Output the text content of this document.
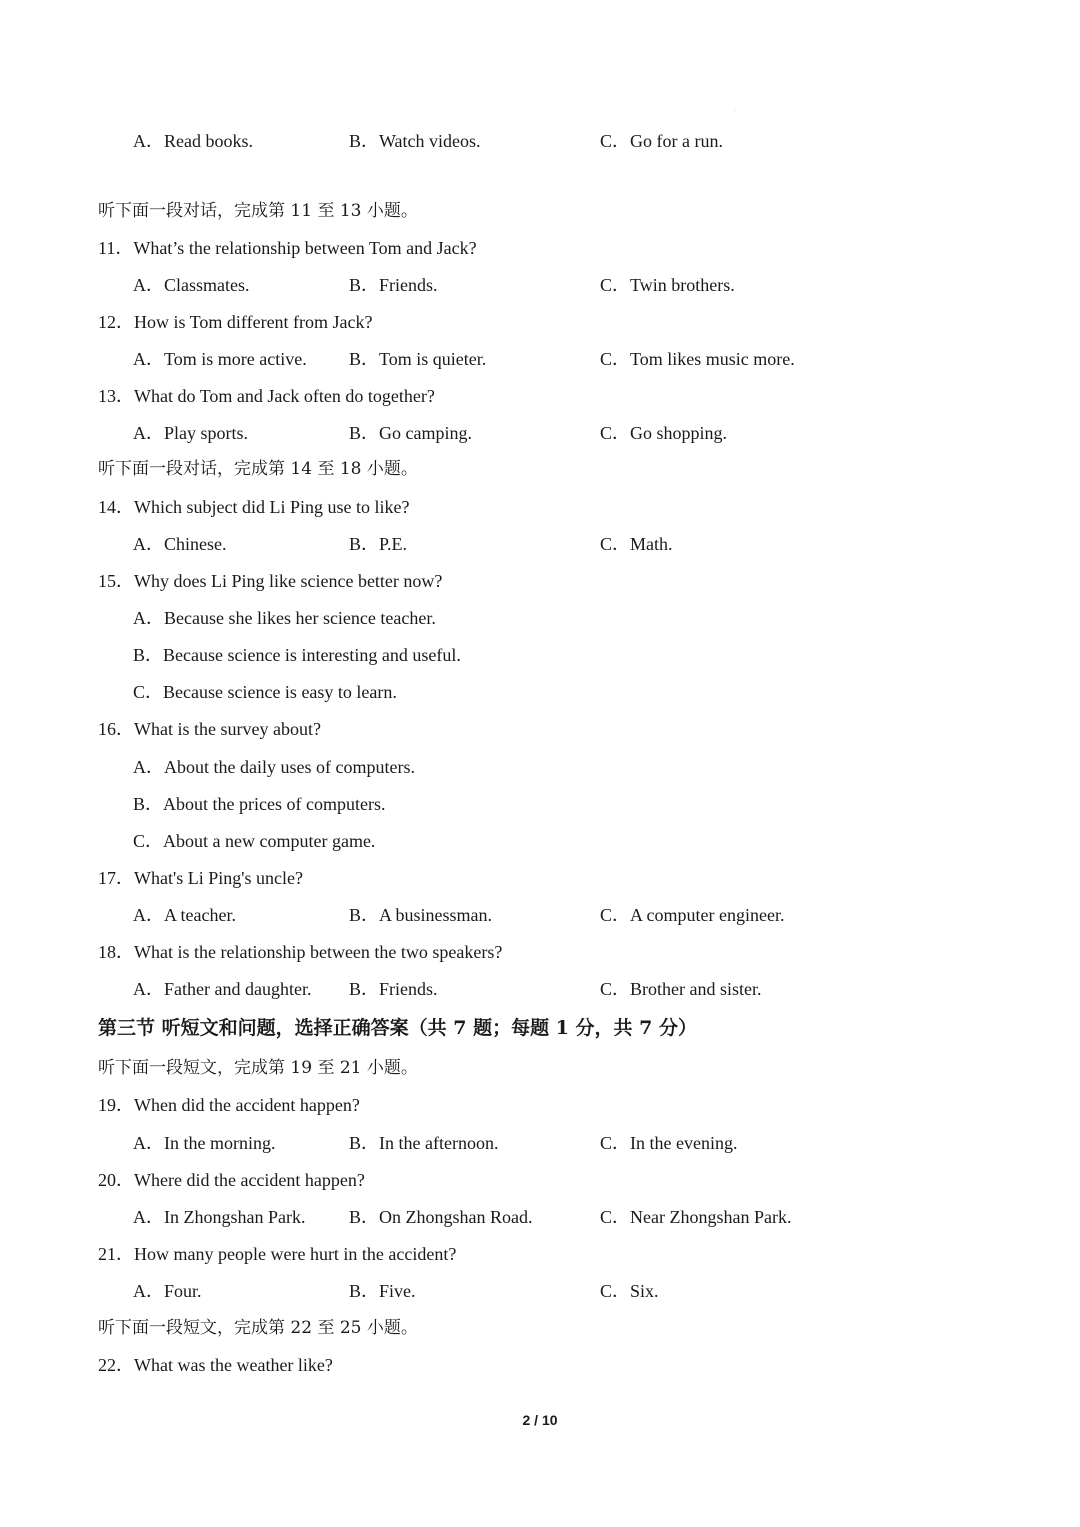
·
A．Read books.	B．Watch videos.	C．Go for a run.
听下面一段对话，完成第 11 至 13 小题。
11．What’s the relationship between Tom and Jack?
A．Classmates.	B．Friends.	C．Twin brothers.
12．How is Tom different from Jack?
A．Tom is more active. B．Tom is quieter.	C．Tom likes music more.
13．What do Tom and Jack often do together?
A．Play sports.	B．Go camping.	C．Go shopping.
听下面一段对话，完成第 14 至 18 小题。
14．Which subject did Li Ping use to like?
A．Chinese.	B．P.E.	C．Math.
15．Why does Li Ping like science better now?
A．Because she likes her science teacher.
B．Because science is interesting and useful.
C．Because science is easy to learn.
16．What is the survey about?
A．About the daily uses of computers.
B．About the prices of computers.
C．About a new computer game.
17．What's Li Ping's uncle?
A．A teacher.	B．A businessman.	C．A computer engineer.
18．What is the relationship between the two speakers?
A．Father and daughter. B．Friends.	C．Brother and sister.
第三节 听短文和问题，选择正确答案（共 7 题；每题 1 分，共 7 分）
听下面一段短文，完成第 19 至 21 小题。
19．When did the accident happen?
A．In the morning.	B．In the afternoon.	C．In the evening.
20．Where did the accident happen?
A．In Zhongshan Park. B．On Zhongshan Road.	C．Near Zhongshan Park.
21．How many people were hurt in the accident?
A．Four.	B．Five.	C．Six.
听下面一段短文，完成第 22 至 25 小题。
22．What was the weather like?
2 / 10
